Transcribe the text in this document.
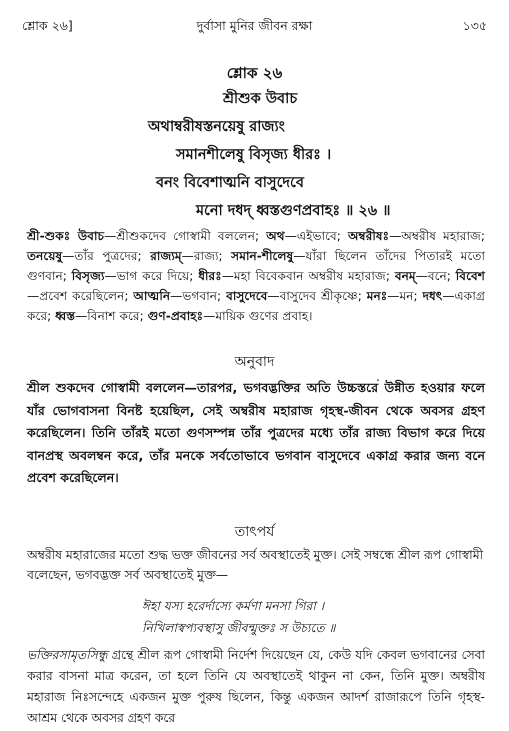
শ্লোক ২৬]	দুর্বাসা মুনির জীবন রক্ষা	১৩৫
শ্লোক ২৬
শ্রীশুক উবাচ
অথাম্বরীষস্তনয়েষু রাজ্যং
সমানশীলেষু বিসৃজ্য ধীরঃ ।
বনং বিবেশাত্মনি বাসুদেবে
মনো দধদ্ ধ্বস্তগুণপ্রবাহঃ ॥ ২৬ ॥
শ্রী-শুকঃ উবাচ—শ্রীশুকদেব গোস্বামী বললেন; অথ—এইভাবে; অম্বরীষঃ—অম্বরীষ মহারাজ; তনয়েষু—তাঁর পুত্রদের; রাজ্যম্—রাজ্য; সমান-শীলেষু—যাঁরা ছিলেন তাঁদের পিতারই মতো গুণবান; বিসৃজ্য—ভাগ করে দিয়ে; ধীরঃ—মহা বিবেকবান অম্বরীষ মহারাজ; বনম্—বনে; বিবেশ—প্রবেশ করেছিলেন; আত্মনি—ভগবান; বাসুদেবে—বাসুদেব শ্রীকৃষ্ণে; মনঃ—মন; দধৎ—একাগ্র করে; ধ্বস্ত—বিনাশ করে; গুণ-প্রবাহঃ—মায়িক গুণের প্রবাহ।
অনুবাদ
.
শ্রীল শুকদেব গোস্বামী বললেন—তারপর, ভগবদ্ভক্তির অতি উচ্চস্তরে উন্নীত হওয়ার ফলে যাঁর ভোগবাসনা বিনষ্ট হয়েছিল, সেই অম্বরীষ মহারাজ গৃহস্থ-জীবন থেকে অবসর গ্রহণ করেছিলেন। তিনি তাঁরই মতো গুণসম্পন্ন তাঁর পুত্রদের মধ্যে তাঁর রাজ্য বিভাগ করে দিয়ে বানপ্রস্থ অবলম্বন করে, তাঁর মনকে সর্বতোভাবে ভগবান বাসুদেবে একাগ্র করার জন্য বনে প্রবেশ করেছিলেন।
তাৎপর্য
অম্বরীষ মহারাজের মতো শুদ্ধ ভক্ত জীবনের সর্ব অবস্থাতেই মুক্ত। সেই সম্বন্ধে শ্রীল রূপ গোস্বামী বলেছেন, ভগবদ্ভক্ত সর্ব অবস্থাতেই মুক্ত—
ঈহা যস্য হরের্দাস্যে কর্মণা মনসা গিরা ।
নিখিলাস্বপ্যবস্থাসু জীবন্মুক্তঃ স উচ্যতে ॥
ভক্তিরসামৃতসিন্ধু গ্রন্থে শ্রীল রূপ গোস্বামী নির্দেশ দিয়েছেন যে, কেউ যদি কেবল ভগবানের সেবা করার বাসনা মাত্র করেন, তা হলে তিনি যে অবস্থাতেই থাকুন না কেন, তিনি মুক্ত। অম্বরীষ মহারাজ নিঃসন্দেহে একজন মুক্ত পুরুষ ছিলেন, কিন্তু একজন আদর্শ রাজারূপে তিনি গৃহস্থ-আশ্রম থেকে অবসর গ্রহণ করে
